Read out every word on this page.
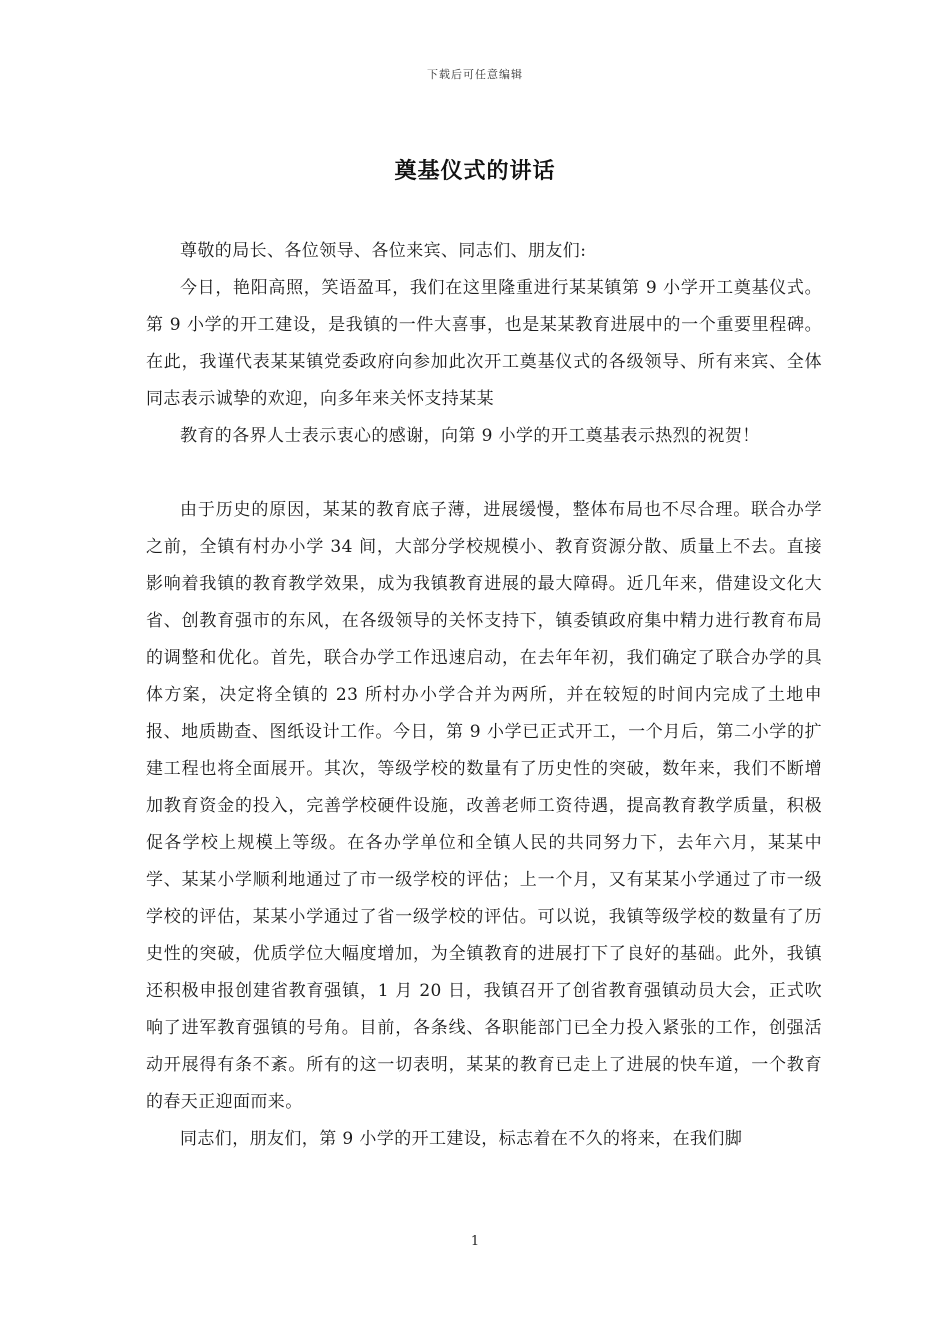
下载后可任意编辑
奠基仪式的讲话

尊敬的局长、各位领导、各位来宾、同志们、朋友们:

今日，艳阳高照，笑语盈耳，我们在这里隆重进行某某镇第 9 小学开工奠基仪式。第 9 小学的开工建设，是我镇的一件大喜事，也是某某教育进展中的一个重要里程碑。在此，我谨代表某某镇党委政府向参加此次开工奠基仪式的各级领导、所有来宾、全体同志表示诚挚的欢迎，向多年来关怀支持某某

教育的各界人士表示衷心的感谢，向第 9 小学的开工奠基表示热烈的祝贺！

由于历史的原因，某某的教育底子薄，进展缓慢，整体布局也不尽合理。联合办学之前，全镇有村办小学 34 间，大部分学校规模小、教育资源分散、质量上不去。直接影响着我镇的教育教学效果，成为我镇教育进展的最大障碍。近几年来，借建设文化大省、创教育强市的东风，在各级领导的关怀支持下，镇委镇政府集中精力进行教育布局的调整和优化。首先，联合办学工作迅速启动，在去年年初，我们确定了联合办学的具体方案，决定将全镇的 23 所村办小学合并为两所，并在较短的时间内完成了土地申报、地质勘查、图纸设计工作。今日，第 9 小学已正式开工，一个月后，第二小学的扩建工程也将全面展开。其次，等级学校的数量有了历史性的突破，数年来，我们不断增加教育资金的投入，完善学校硬件设施，改善老师工资待遇，提高教育教学质量，积极促各学校上规模上等级。在各办学单位和全镇人民的共同努力下，去年六月，某某中学、某某小学顺利地通过了市一级学校的评估；上一个月，又有某某小学通过了市一级学校的评估，某某小学通过了省一级学校的评估。可以说，我镇等级学校的数量有了历史性的突破，优质学位大幅度增加，为全镇教育的进展打下了良好的基础。此外，我镇还积极申报创建省教育强镇，1 月 20 日，我镇召开了创省教育强镇动员大会，正式吹响了进军教育强镇的号角。目前，各条线、各职能部门已全力投入紧张的工作，创强活动开展得有条不紊。所有的这一切表明，某某的教育已走上了进展的快车道，一个教育的春天正迎面而来。

同志们，朋友们，第 9 小学的开工建设，标志着在不久的将来，在我们脚

1
